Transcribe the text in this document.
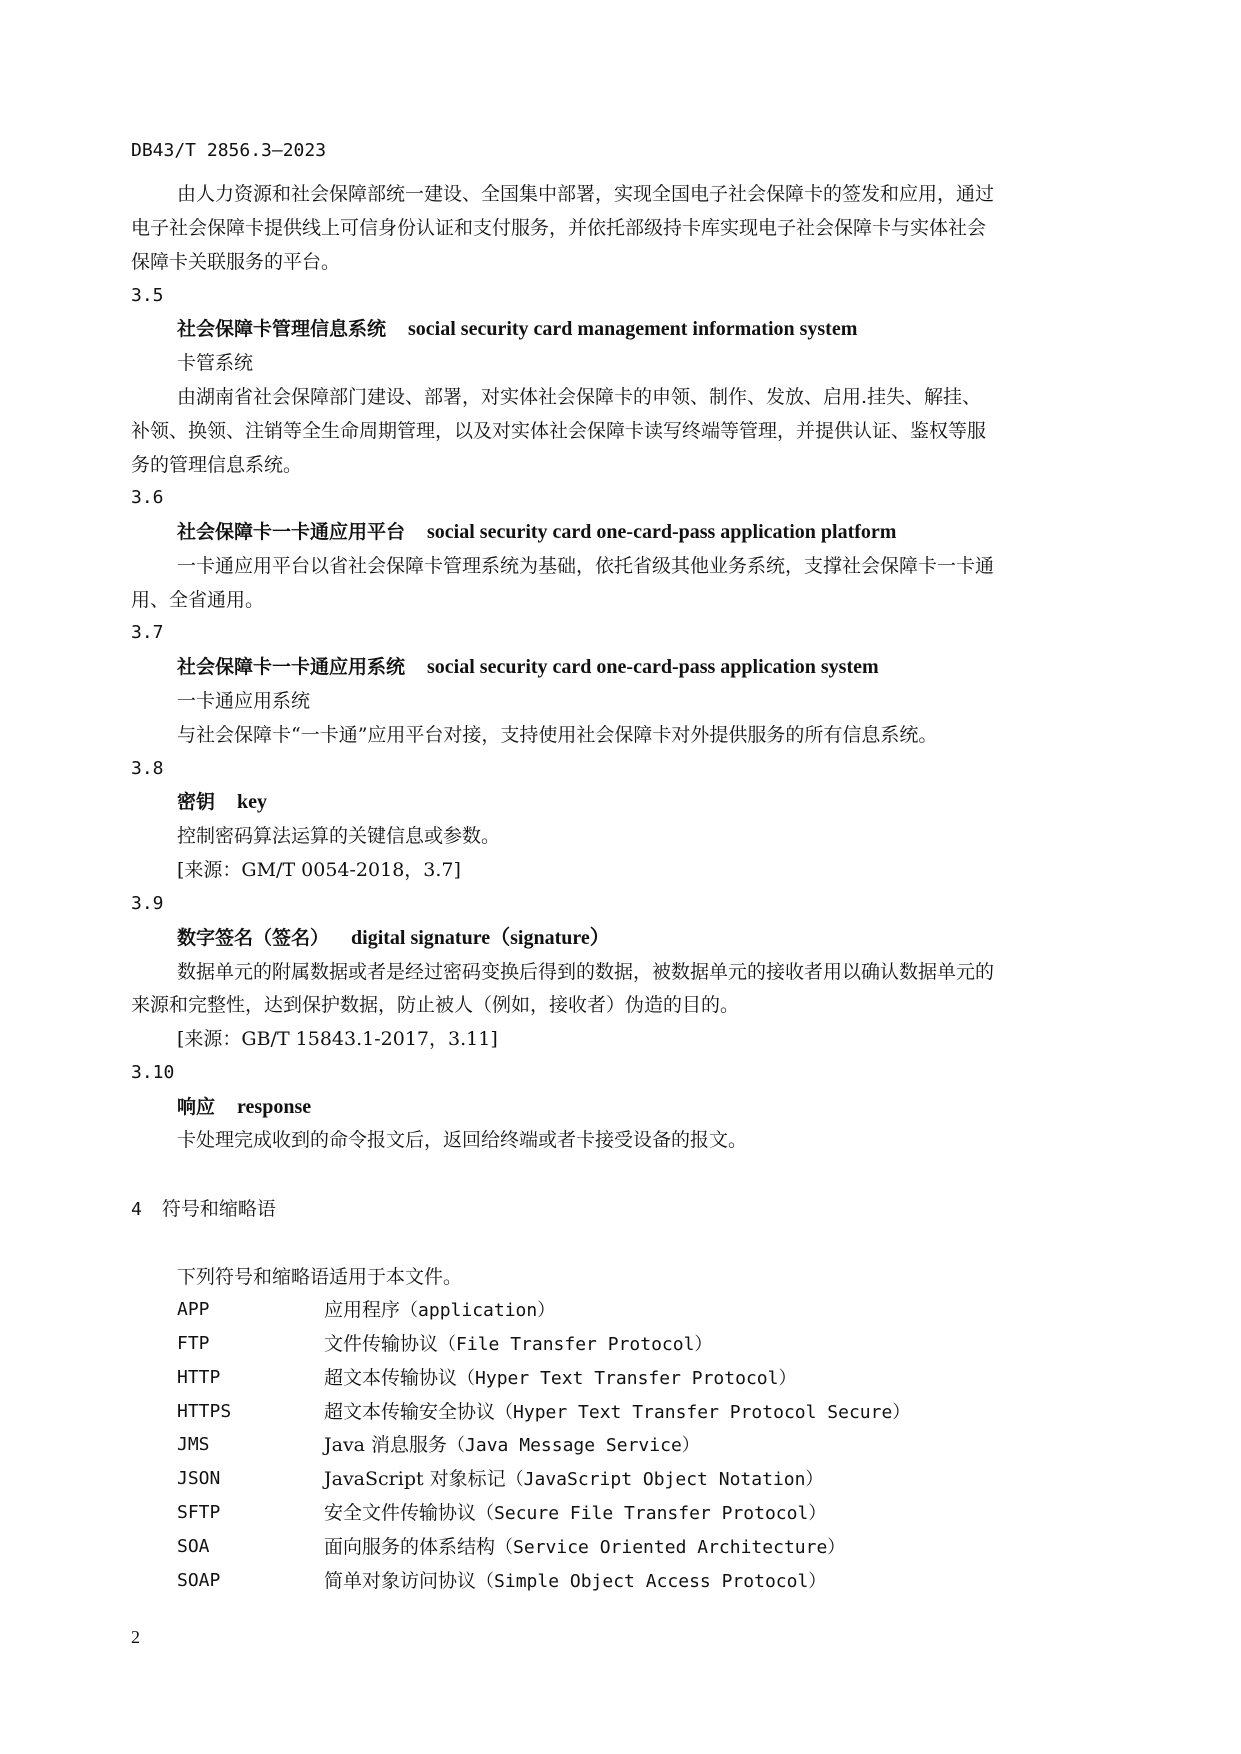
DB43/T 2856.3—2023
由人力资源和社会保障部统一建设、全国集中部署，实现全国电子社会保障卡的签发和应用，通过
电子社会保障卡提供线上可信身份认证和支付服务，并依托部级持卡库实现电子社会保障卡与实体社会
保障卡关联服务的平台。
3.5
社会保障卡管理信息系统 social security card management information system
卡管系统
由湖南省社会保障部门建设、部署，对实体社会保障卡的申领、制作、发放、启用.挂失、解挂、
补领、换领、注销等全生命周期管理，以及对实体社会保障卡读写终端等管理，并提供认证、鉴权等服
务的管理信息系统。
3.6
社会保障卡一卡通应用平台 social security card one-card-pass application platform
一卡通应用平台以省社会保障卡管理系统为基础，依托省级其他业务系统，支撑社会保障卡一卡通
用、全省通用。
3.7
社会保障卡一卡通应用系统 social security card one-card-pass application system
一卡通应用系统
与社会保障卡“一卡通”应用平台对接，支持使用社会保障卡对外提供服务的所有信息系统。
3.8
密钥 key
控制密码算法运算的关键信息或参数。
[来源：GM/T 0054-2018，3.7]
3.9
数字签名（签名） digital signature（signature）
数据单元的附属数据或者是经过密码变换后得到的数据，被数据单元的接收者用以确认数据单元的
来源和完整性，达到保护数据，防止被人（例如，接收者）伪造的目的。
[来源：GB/T 15843.1-2017，3.11]
3.10
响应 response
卡处理完成收到的命令报文后，返回给终端或者卡接受设备的报文。
4 符号和缩略语
下列符号和缩略语适用于本文件。
APP	应用程序（application）
FTP	文件传输协议（File Transfer Protocol）
HTTP	超文本传输协议（Hyper Text Transfer Protocol）
HTTPS	超文本传输安全协议（Hyper Text Transfer Protocol Secure）
JMS	Java 消息服务（Java Message Service）
JSON	JavaScript 对象标记（JavaScript Object Notation）
SFTP	安全文件传输协议（Secure File Transfer Protocol）
SOA	面向服务的体系结构（Service Oriented Architecture）
SOAP	简单对象访问协议（Simple Object Access Protocol）
2
